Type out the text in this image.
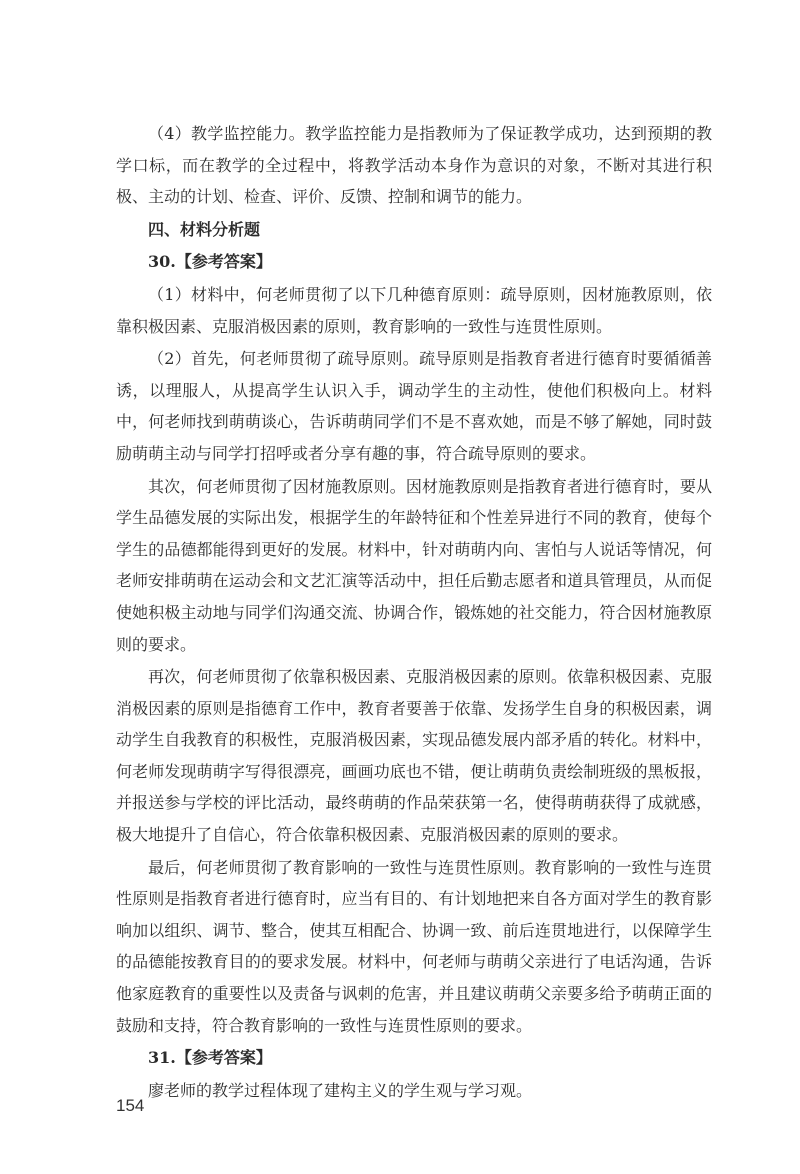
（4）教学监控能力。教学监控能力是指教师为了保证教学成功，达到预期的教学口标，而在教学的全过程中，将教学活动本身作为意识的对象，不断对其进行积极、主动的计划、检查、评价、反馈、控制和调节的能力。

四、材料分析题

30.【参考答案】

（1）材料中，何老师贯彻了以下几种德育原则：疏导原则，因材施教原则，依靠积极因素、克服消极因素的原则，教育影响的一致性与连贯性原则。

（2）首先，何老师贯彻了疏导原则。疏导原则是指教育者进行德育时要循循善诱，以理服人，从提高学生认识入手，调动学生的主动性，使他们积极向上。材料中，何老师找到萌萌谈心，告诉萌萌同学们不是不喜欢她，而是不够了解她，同时鼓励萌萌主动与同学打招呼或者分享有趣的事，符合疏导原则的要求。

其次，何老师贯彻了因材施教原则。因材施教原则是指教育者进行德育时，要从学生品德发展的实际出发，根据学生的年龄特征和个性差异进行不同的教育，使每个学生的品德都能得到更好的发展。材料中，针对萌萌内向、害怕与人说话等情况，何老师安排萌萌在运动会和文艺汇演等活动中，担任后勤志愿者和道具管理员，从而促使她积极主动地与同学们沟通交流、协调合作，锻炼她的社交能力，符合因材施教原则的要求。

再次，何老师贯彻了依靠积极因素、克服消极因素的原则。依靠积极因素、克服消极因素的原则是指德育工作中，教育者要善于依靠、发扬学生自身的积极因素，调动学生自我教育的积极性，克服消极因素，实现品德发展内部矛盾的转化。材料中，何老师发现萌萌字写得很漂亮，画画功底也不错，便让萌萌负责绘制班级的黑板报，并报送参与学校的评比活动，最终萌萌的作品荣获第一名，使得萌萌获得了成就感，极大地提升了自信心，符合依靠积极因素、克服消极因素的原则的要求。

最后，何老师贯彻了教育影响的一致性与连贯性原则。教育影响的一致性与连贯性原则是指教育者进行德育时，应当有目的、有计划地把来自各方面对学生的教育影响加以组织、调节、整合，使其互相配合、协调一致、前后连贯地进行，以保障学生的品德能按教育目的的要求发展。材料中，何老师与萌萌父亲进行了电话沟通，告诉他家庭教育的重要性以及责备与讽刺的危害，并且建议萌萌父亲要多给予萌萌正面的鼓励和支持，符合教育影响的一致性与连贯性原则的要求。

31.【参考答案】

廖老师的教学过程体现了建构主义的学生观与学习观。

154
